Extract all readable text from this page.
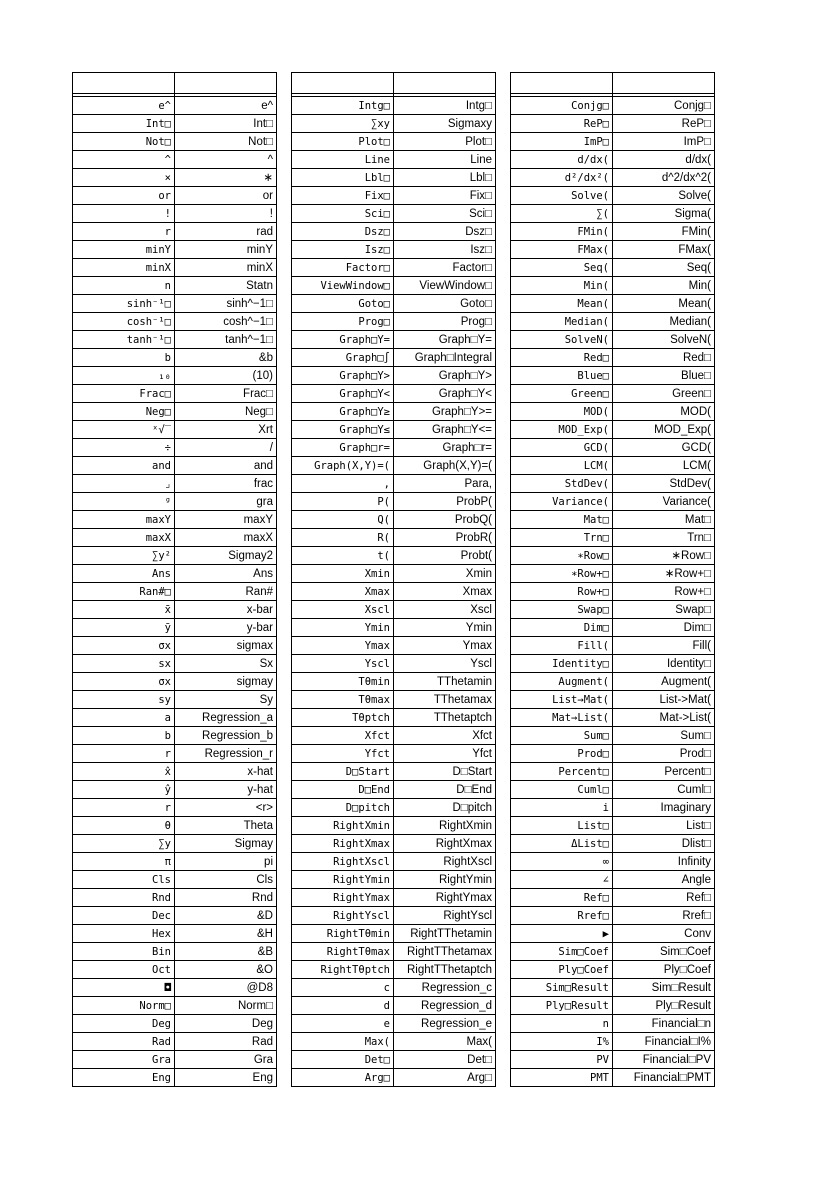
e^	e^
Int□	Int□
Not□	Not□
^	^
×	∗
or	or
!	!
r	rad
minY	minY
minX	minX
n	Statn
sinh⁻¹□	sinh^−1□
cosh⁻¹□	cosh^−1□
tanh⁻¹□	tanh^−1□
b	&b
₁₀	(10)
Frac□	Frac□
Neg□	Neg□
ˣ√‾	Xrt
÷	/
and	and
⌟	frac
ᵍ	gra
maxY	maxY
maxX	maxX
∑y²	Sigmay2
Ans	Ans
Ran#□	Ran#
x̄	x-bar
ȳ	y-bar
σx	sigmax
sx	Sx
σx	sigmay
sy	Sy
a	Regression_a
b	Regression_b
r	Regression_r
x̂	x-hat
ŷ	y-hat
r	<r>
θ	Theta
∑y	Sigmay
π	pi
Cls	Cls
Rnd	Rnd
Dec	&D
Hex	&H
Bin	&B
Oct	&O
◘	@D8
Norm□	Norm□
Deg	Deg
Rad	Rad
Gra	Gra
Eng	Eng

Intg□	Intg□
∑xy	Sigmaxy
Plot□	Plot□
Line	Line
Lbl□	Lbl□
Fix□	Fix□
Sci□	Sci□
Dsz□	Dsz□
Isz□	Isz□
Factor□	Factor□
ViewWindow□	ViewWindow□
Goto□	Goto□
Prog□	Prog□
Graph□Y=	Graph□Y=
Graph□∫	Graph□Integral
Graph□Y>	Graph□Y>
Graph□Y<	Graph□Y<
Graph□Y≥	Graph□Y>=
Graph□Y≤	Graph□Y<=
Graph□r=	Graph□r=
Graph(X,Y)=(	Graph(X,Y)=(
,	Para,
P(	ProbP(
Q(	ProbQ(
R(	ProbR(
t(	Probt(
Xmin	Xmin
Xmax	Xmax
Xscl	Xscl
Ymin	Ymin
Ymax	Ymax
Yscl	Yscl
Tθmin	TThetamin
Tθmax	TThetamax
Tθptch	TThetaptch
Xfct	Xfct
Yfct	Yfct
D□Start	D□Start
D□End	D□End
D□pitch	D□pitch
RightXmin	RightXmin
RightXmax	RightXmax
RightXscl	RightXscl
RightYmin	RightYmin
RightYmax	RightYmax
RightYscl	RightYscl
RightTθmin	RightTThetamin
RightTθmax	RightTThetamax
RightTθptch	RightTThetaptch
c	Regression_c
d	Regression_d
e	Regression_e
Max(	Max(
Det□	Det□
Arg□	Arg□

Conjg□	Conjg□
ReP□	ReP□
ImP□	ImP□
d/dx(	d/dx(
d²/dx²(	d^2/dx^2(
Solve(	Solve(
∑(	Sigma(
FMin(	FMin(
FMax(	FMax(
Seq(	Seq(
Min(	Min(
Mean(	Mean(
Median(	Median(
SolveN(	SolveN(
Red□	Red□
Blue□	Blue□
Green□	Green□
MOD(	MOD(
MOD_Exp(	MOD_Exp(
GCD(	GCD(
LCM(	LCM(
StdDev(	StdDev(
Variance(	Variance(
Mat□	Mat□
Trn□	Trn□
∗Row□	∗Row□
∗Row+□	∗Row+□
Row+□	Row+□
Swap□	Swap□
Dim□	Dim□
Fill(	Fill(
Identity□	Identity□
Augment(	Augment(
List→Mat(	List->Mat(
Mat→List(	Mat->List(
Sum□	Sum□
Prod□	Prod□
Percent□	Percent□
Cuml□	Cuml□
i	Imaginary
List□	List□
ΔList□	Dlist□
∞	Infinity
∠	Angle
Ref□	Ref□
Rref□	Rref□
▶	Conv
Sim□Coef	Sim□Coef
Ply□Coef	Ply□Coef
Sim□Result	Sim□Result
Ply□Result	Ply□Result
n	Financial□n
I%	Financial□I%
PV	Financial□PV
PMT	Financial□PMT
